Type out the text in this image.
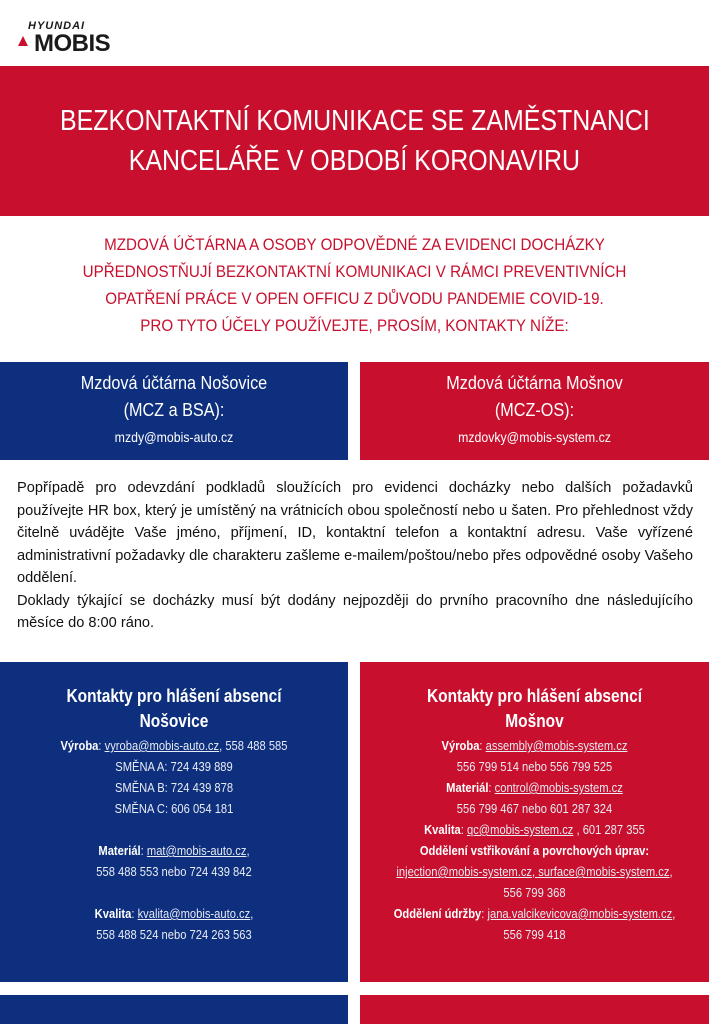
HYUNDAI
MOBIS
BEZKONTAKTNÍ KOMUNIKACE SE ZAMĚSTNANCI
KANCELÁŘE V OBDOBÍ KORONAVIRU
MZDOVÁ ÚČTÁRNA A OSOBY ODPOVĚDNÉ ZA EVIDENCI DOCHÁZKY
UPŘEDNOSTŇUJÍ BEZKONTAKTNÍ KOMUNIKACI V RÁMCI PREVENTIVNÍCH
OPATŘENÍ PRÁCE V OPEN OFFICU Z DŮVODU PANDEMIE COVID-19.
PRO TYTO ÚČELY POUŽÍVEJTE, PROSÍM, KONTAKTY NÍŽE:
Mzdová účtárna Nošovice
(MCZ a BSA):
mzdy@mobis-auto.cz
Mzdová účtárna Mošnov
(MCZ-OS):
mzdovky@mobis-system.cz

Popřípadě pro odevzdání podkladů sloužících pro evidenci docházky nebo dalších požadavků používejte HR box, který je umístěný na vrátnicích obou společností nebo u šaten. Pro přehlednost vždy čitelně uvádějte Vaše jméno, příjmení, ID, kontaktní telefon a kontaktní adresu. Vaše vyřízené administrativní požadavky dle charakteru zašleme e-mailem/poštou/nebo přes odpovědné osoby Vašeho oddělení.

Doklady týkající se docházky musí být dodány nejpozději do prvního pracovního dne následujícího měsíce do 8:00 ráno.

Kontakty pro hlášení absencí
Nošovice
Výroba: vyroba@mobis-auto.cz, 558 488 585
SMĚNA A: 724 439 889
SMĚNA B: 724 439 878
SMĚNA C: 606 054 181
Materiál: mat@mobis-auto.cz,
558 488 553 nebo 724 439 842
Kvalita: kvalita@mobis-auto.cz,
558 488 524 nebo 724 263 563
Kontakty pro hlášení absencí
Mošnov
Výroba: assembly@mobis-system.cz
556 799 514 nebo 556 799 525
Materiál: control@mobis-system.cz
556 799 467 nebo 601 287 324
Kvalita: qc@mobis-system.cz , 601 287 355
Oddělení vstřikování a povrchových úprav:
injection@mobis-system.cz, surface@mobis-system.cz,
556 799 368
Oddělení údržby: jana.valcikevicova@mobis-system.cz,
556 799 418
